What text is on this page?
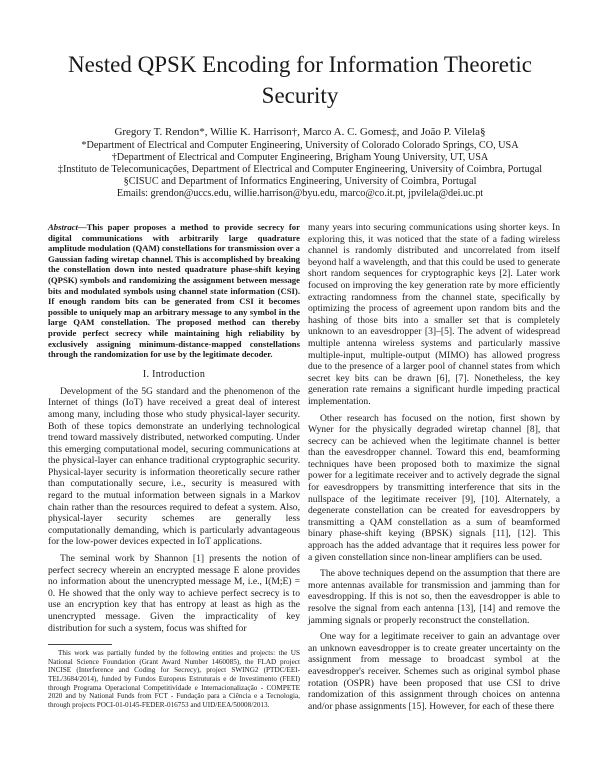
Nested QPSK Encoding for Information Theoretic
Security
Gregory T. Rendon*, Willie K. Harrison†, Marco A. C. Gomes‡, and João P. Vilela§
*Department of Electrical and Computer Engineering, University of Colorado Colorado Springs, CO, USA
†Department of Electrical and Computer Engineering, Brigham Young University, UT, USA
‡Instituto de Telecomunicações, Department of Electrical and Computer Engineering, University of Coimbra, Portugal
§CISUC and Department of Informatics Engineering, University of Coimbra, Portugal
Emails: grendon@uccs.edu, willie.harrison@byu.edu, marco@co.it.pt, jpvilela@dei.uc.pt

Abstract—This paper proposes a method to provide secrecy for digital communications with arbitrarily large quadrature amplitude modulation (QAM) constellations for transmission over a Gaussian fading wiretap channel. This is accomplished by breaking the constellation down into nested quadrature phase-shift keying (QPSK) symbols and randomizing the assignment between message bits and modulated symbols using channel state information (CSI). If enough random bits can be generated from CSI it becomes possible to uniquely map an arbitrary message to any symbol in the large QAM constellation. The proposed method can thereby provide perfect secrecy while maintaining high reliability by exclusively assigning minimum-distance-mapped constellations through the randomization for use by the legitimate decoder.

I. Introduction

Development of the 5G standard and the phenomenon of the Internet of things (IoT) have received a great deal of interest among many, including those who study physical-layer security. Both of these topics demonstrate an underlying technological trend toward massively distributed, networked computing. Under this emerging computational model, securing communications at the physical-layer can enhance traditional cryptographic security. Physical-layer security is information theoretically secure rather than computationally secure, i.e., security is measured with regard to the mutual information between signals in a Markov chain rather than the resources required to defeat a system. Also, physical-layer security schemes are generally less computationally demanding, which is particularly advantageous for the low-power devices expected in IoT applications.

The seminal work by Shannon [1] presents the notion of perfect secrecy wherein an encrypted message E alone provides no information about the unencrypted message M, i.e., I(M;E) = 0. He showed that the only way to achieve perfect secrecy is to use an encryption key that has entropy at least as high as the unencrypted message. Given the impracticality of key distribution for such a system, focus was shifted for

This work was partially funded by the following entities and projects: the US National Science Foundation (Grant Award Number 1460085), the FLAD project INCISE (Interference and Coding for Secrecy), project SWING2 (PTDC/EEI-TEL/3684/2014), funded by Fundos Europeus Estruturais e de Investimento (FEEI) through Programa Operacional Competitividade e Internacionalização - COMPETE 2020 and by National Funds from FCT - Fundação para a Ciência e a Tecnologia, through projects POCI-01-0145-FEDER-016753 and UID/EEA/50008/2013.

many years into securing communications using shorter keys. In exploring this, it was noticed that the state of a fading wireless channel is randomly distributed and uncorrelated from itself beyond half a wavelength, and that this could be used to generate short random sequences for cryptographic keys [2]. Later work focused on improving the key generation rate by more efficiently extracting randomness from the channel state, specifically by optimizing the process of agreement upon random bits and the hashing of those bits into a smaller set that is completely unknown to an eavesdropper [3]–[5]. The advent of widespread multiple antenna wireless systems and particularly massive multiple-input, multiple-output (MIMO) has allowed progress due to the presence of a larger pool of channel states from which secret key bits can be drawn [6], [7]. Nonetheless, the key generation rate remains a significant hurdle impeding practical implementation.

Other research has focused on the notion, first shown by Wyner for the physically degraded wiretap channel [8], that secrecy can be achieved when the legitimate channel is better than the eavesdropper channel. Toward this end, beamforming techniques have been proposed both to maximize the signal power for a legitimate receiver and to actively degrade the signal for eavesdroppers by transmitting interference that sits in the nullspace of the legitimate receiver [9], [10]. Alternately, a degenerate constellation can be created for eavesdroppers by transmitting a QAM constellation as a sum of beamformed binary phase-shift keying (BPSK) signals [11], [12]. This approach has the added advantage that it requires less power for a given constellation since non-linear amplifiers can be used.

The above techniques depend on the assumption that there are more antennas available for transmission and jamming than for eavesdropping. If this is not so, then the eavesdropper is able to resolve the signal from each antenna [13], [14] and remove the jamming signals or properly reconstruct the constellation.

One way for a legitimate receiver to gain an advantage over an unknown eavesdropper is to create greater uncertainty on the assignment from message to broadcast symbol at the eavesdropper's receiver. Schemes such as original symbol phase rotation (OSPR) have been proposed that use CSI to drive randomization of this assignment through choices on antenna and/or phase assignments [15]. However, for each of these there
